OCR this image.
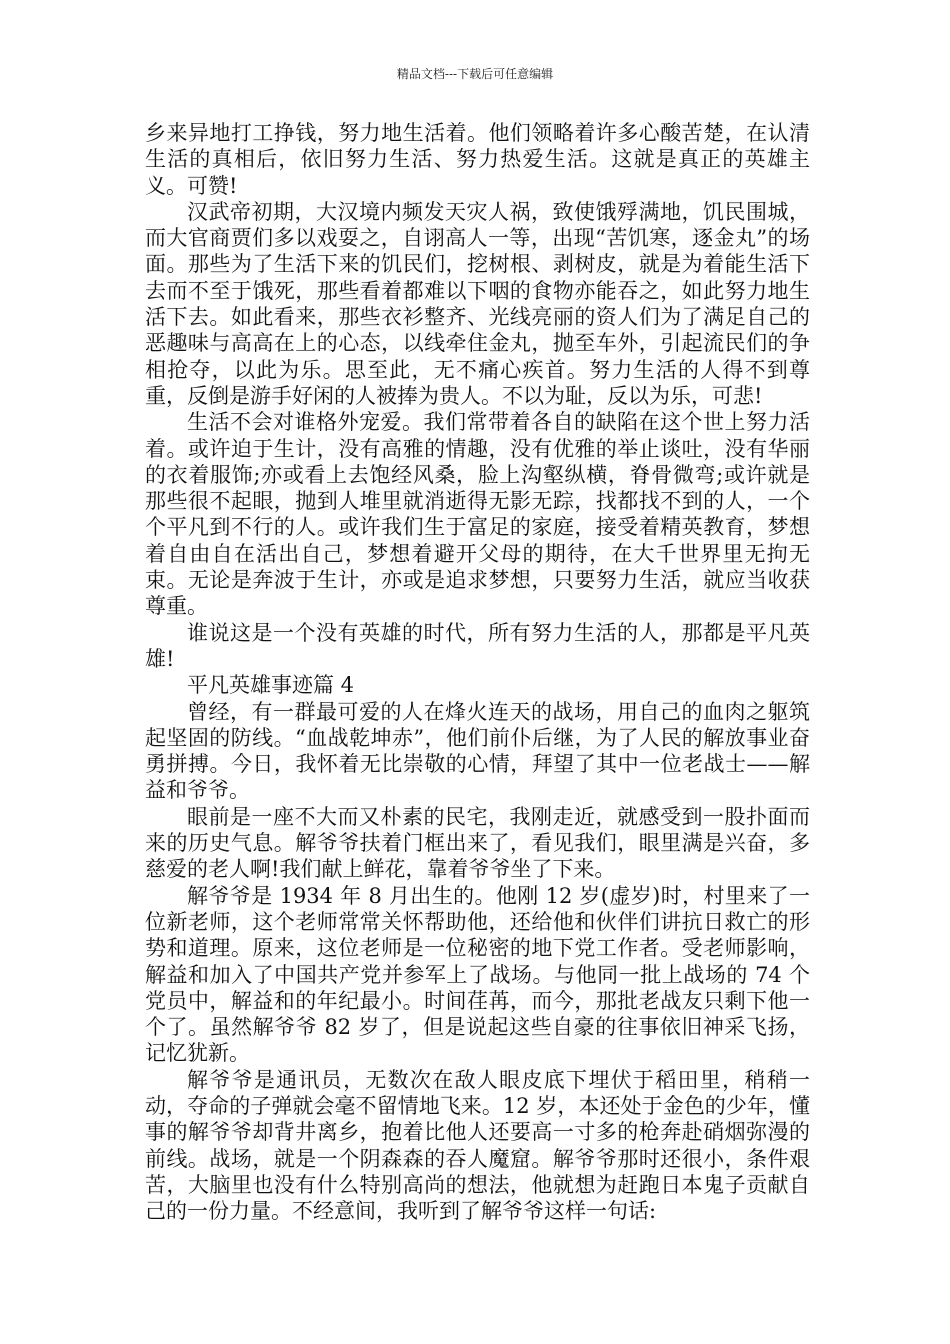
精品文档---下载后可任意编辑

乡来异地打工挣钱，努力地生活着。他们领略着许多心酸苦楚，在认清生活的真相后，依旧努力生活、努力热爱生活。这就是真正的英雄主义。可赞!

汉武帝初期，大汉境内频发天灾人祸，致使饿殍满地，饥民围城，而大官商贾们多以戏耍之，自诩高人一等，出现“苦饥寒，逐金丸”的场面。那些为了生活下来的饥民们，挖树根、剥树皮，就是为着能生活下去而不至于饿死，那些看着都难以下咽的食物亦能吞之，如此努力地生活下去。如此看来，那些衣衫整齐、光线亮丽的资人们为了满足自己的恶趣味与高高在上的心态，以线牵住金丸，抛至车外，引起流民们的争相抢夺，以此为乐。思至此，无不痛心疾首。努力生活的人得不到尊重，反倒是游手好闲的人被捧为贵人。不以为耻，反以为乐，可悲!

生活不会对谁格外宠爱。我们常带着各自的缺陷在这个世上努力活着。或许迫于生计，没有高雅的情趣，没有优雅的举止谈吐，没有华丽的衣着服饰;亦或看上去饱经风桑，脸上沟壑纵横，脊骨微弯;或许就是那些很不起眼，抛到人堆里就消逝得无影无踪，找都找不到的人，一个个平凡到不行的人。或许我们生于富足的家庭，接受着精英教育，梦想着自由自在活出自己，梦想着避开父母的期待，在大千世界里无拘无束。无论是奔波于生计，亦或是追求梦想，只要努力生活，就应当收获尊重。

谁说这是一个没有英雄的时代，所有努力生活的人，那都是平凡英雄!

平凡英雄事迹篇 4

曾经，有一群最可爱的人在烽火连天的战场，用自己的血肉之躯筑起坚固的防线。“血战乾坤赤”，他们前仆后继，为了人民的解放事业奋勇拼搏。今日，我怀着无比崇敬的心情，拜望了其中一位老战士——解益和爷爷。

眼前是一座不大而又朴素的民宅，我刚走近，就感受到一股扑面而来的历史气息。解爷爷扶着门框出来了，看见我们，眼里满是兴奋，多慈爱的老人啊!我们献上鲜花，靠着爷爷坐了下来。

解爷爷是 1934 年 8 月出生的。他刚 12 岁(虚岁)时，村里来了一位新老师，这个老师常常关怀帮助他，还给他和伙伴们讲抗日救亡的形势和道理。原来，这位老师是一位秘密的地下党工作者。受老师影响，解益和加入了中国共产党并参军上了战场。与他同一批上战场的 74 个党员中，解益和的年纪最小。时间荏苒，而今，那批老战友只剩下他一个了。虽然解爷爷 82 岁了，但是说起这些自豪的往事依旧神采飞扬，记忆犹新。

解爷爷是通讯员，无数次在敌人眼皮底下埋伏于稻田里，稍稍一动，夺命的子弹就会毫不留情地飞来。12 岁，本还处于金色的少年，懂事的解爷爷却背井离乡，抱着比他人还要高一寸多的枪奔赴硝烟弥漫的前线。战场，就是一个阴森森的吞人魔窟。解爷爷那时还很小，条件艰苦，大脑里也没有什么特别高尚的想法，他就想为赶跑日本鬼子贡献自己的一份力量。不经意间，我听到了解爷爷这样一句话:
